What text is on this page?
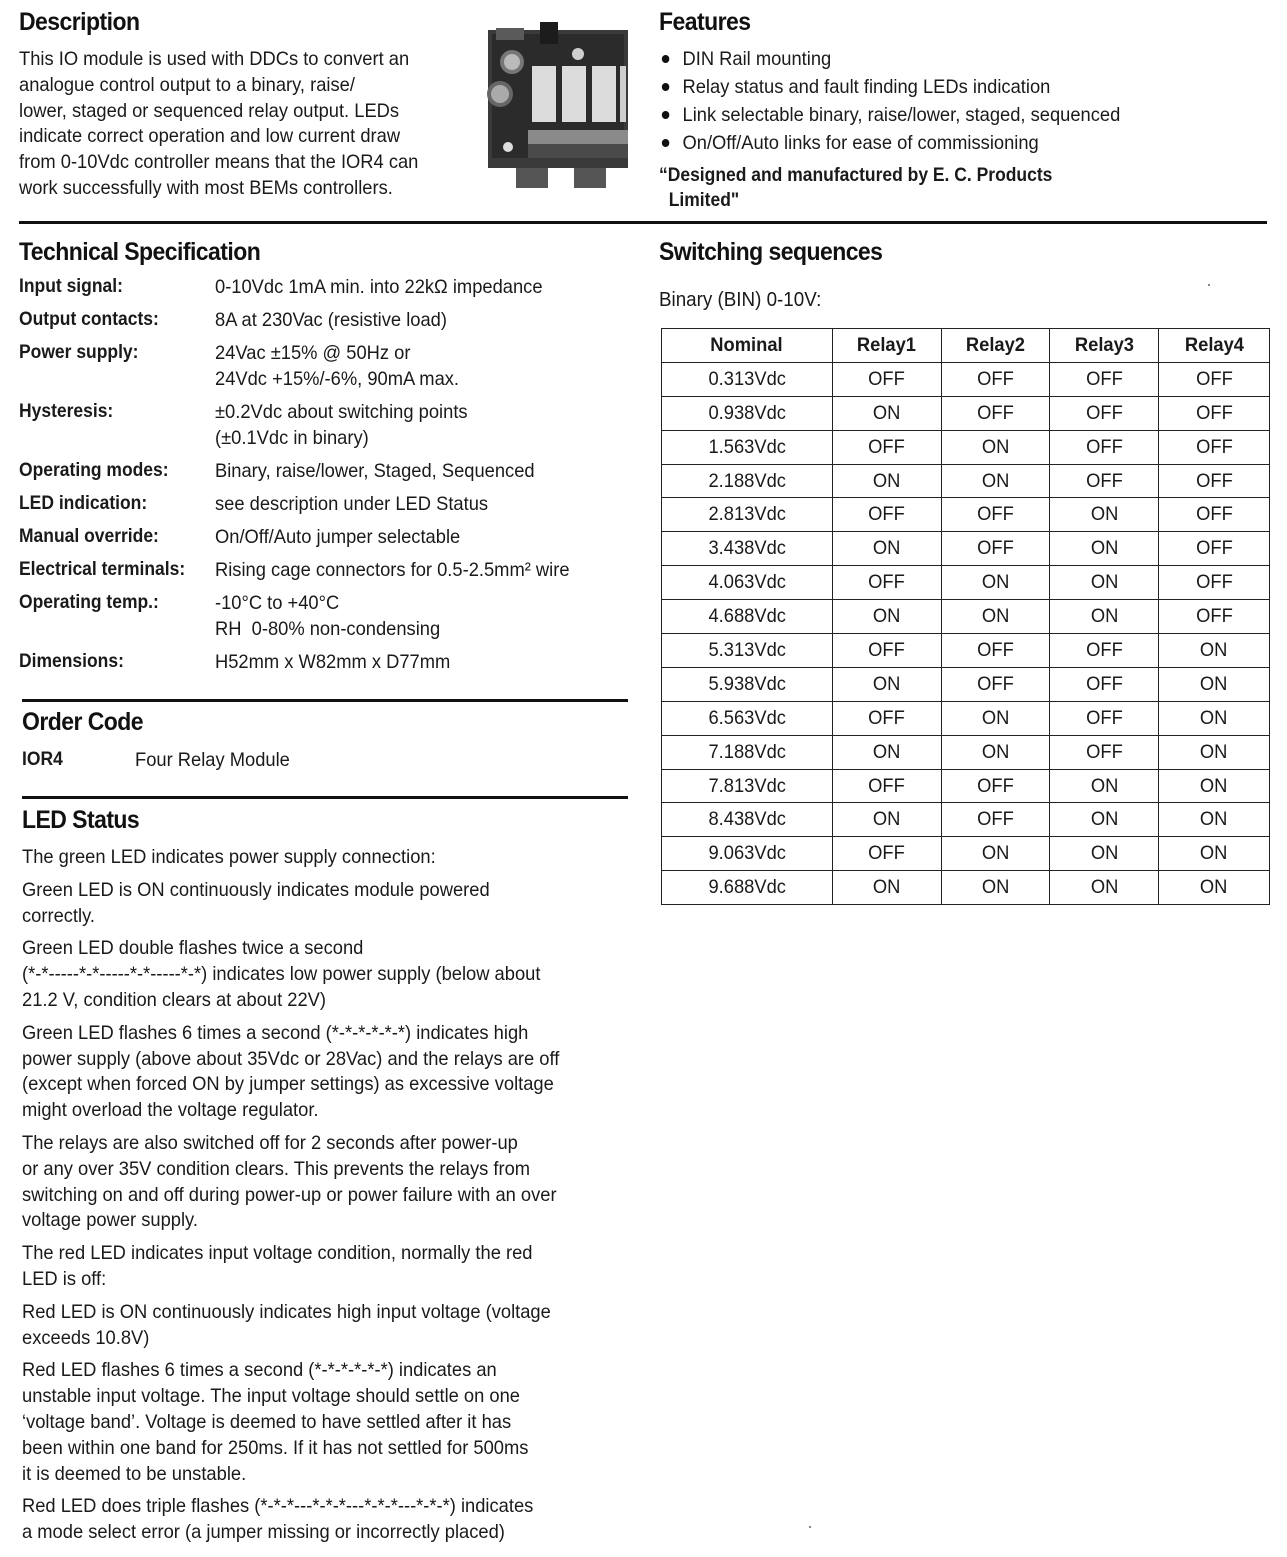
Description
This IO module is used with DDCs to convert an
analogue control output to a binary, raise/
lower, staged or sequenced relay output. LEDs
indicate correct operation and low current draw
from 0-10Vdc controller means that the IOR4 can
work successfully with most BEMs controllers.
Features
DIN Rail mounting
Relay status and fault finding LEDs indication
Link selectable binary, raise/lower, staged, sequenced
On/Off/Auto links for ease of commissioning
“Designed and manufactured by E. C. Products
Limited"
Technical Specification
Input signal:	0-10Vdc 1mA min. into 22kΩ impedance
Output contacts:	8A at 230Vac (resistive load)
Power supply:	24Vac ±15% @ 50Hz or
24Vdc +15%/-6%, 90mA max.
Hysteresis:	±0.2Vdc about switching points
(±0.1Vdc in binary)
Operating modes:	Binary, raise/lower, Staged, Sequenced
LED indication:	see description under LED Status
Manual override:	On/Off/Auto jumper selectable
Electrical terminals:	Rising cage connectors for 0.5-2.5mm² wire
Operating temp.:	-10°C to +40°C
RH  0-80% non-condensing
Dimensions:	H52mm x W82mm x D77mm
Order Code
IOR4	Four Relay Module
LED Status
The green LED indicates power supply connection:
Green LED is ON continuously indicates module powered
correctly.
Green LED double flashes twice a second
(*-*-----*-*-----*-*-----*-*) indicates low power supply (below about
21.2 V, condition clears at about 22V)
Green LED flashes 6 times a second (*-*-*-*-*-*) indicates high
power supply (above about 35Vdc or 28Vac) and the relays are off
(except when forced ON by jumper settings) as excessive voltage
might overload the voltage regulator.
The relays are also switched off for 2 seconds after power-up
or any over 35V condition clears. This prevents the relays from
switching on and off during power-up or power failure with an over
voltage power supply.
The red LED indicates input voltage condition, normally the red
LED is off:
Red LED is ON continuously indicates high input voltage (voltage
exceeds 10.8V)
Red LED flashes 6 times a second (*-*-*-*-*-*) indicates an
unstable input voltage. The input voltage should settle on one
‘voltage band’. Voltage is deemed to have settled after it has
been within one band for 250ms. If it has not settled for 500ms
it is deemed to be unstable.
Red LED does triple flashes (*-*-*---*-*-*---*-*-*---*-*-*) indicates
a mode select error (a jumper missing or incorrectly placed)
Switching sequences
Binary (BIN) 0-10V:
Nominal	Relay1	Relay2	Relay3	Relay4
0.313Vdc	OFF	OFF	OFF	OFF
0.938Vdc	ON	OFF	OFF	OFF
1.563Vdc	OFF	ON	OFF	OFF
2.188Vdc	ON	ON	OFF	OFF
2.813Vdc	OFF	OFF	ON	OFF
3.438Vdc	ON	OFF	ON	OFF
4.063Vdc	OFF	ON	ON	OFF
4.688Vdc	ON	ON	ON	OFF
5.313Vdc	OFF	OFF	OFF	ON
5.938Vdc	ON	OFF	OFF	ON
6.563Vdc	OFF	ON	OFF	ON
7.188Vdc	ON	ON	OFF	ON
7.813Vdc	OFF	OFF	ON	ON
8.438Vdc	ON	OFF	ON	ON
9.063Vdc	OFF	ON	ON	ON
9.688Vdc	ON	ON	ON	ON
